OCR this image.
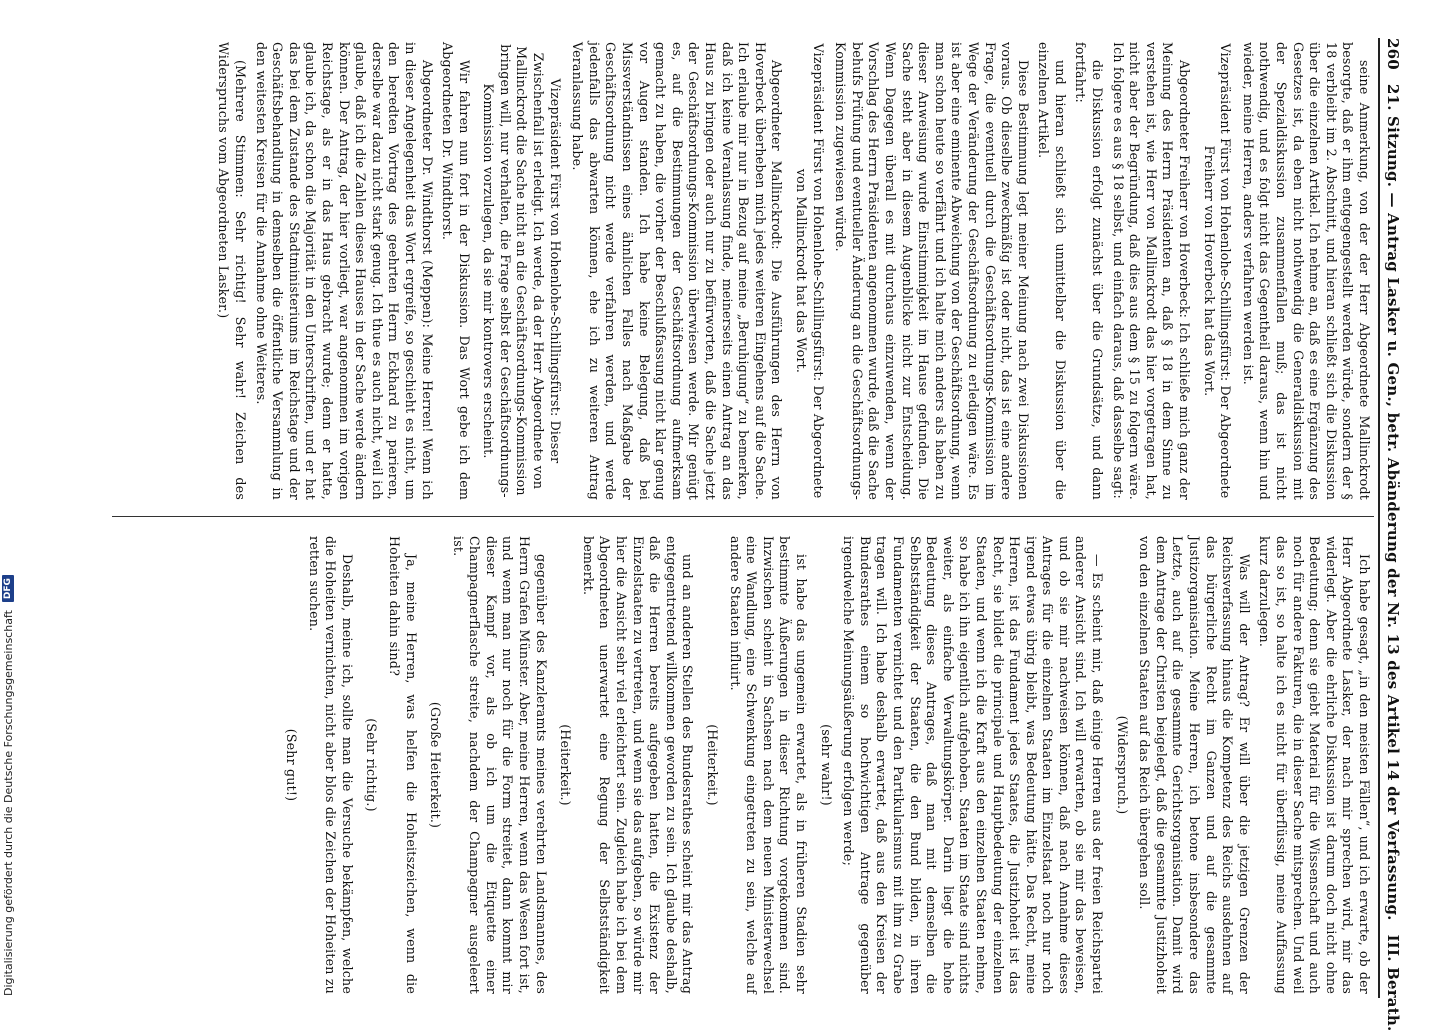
260
21. Sitzung. — Antrag Lasker u. Gen., betr. Abänderung der Nr. 13 des Artikel 14 der Verfassung.
III. Berath.

seine Anmerkung, von der der Herr Abgeordnete Mallinckrodt besorgte, daß er ihm entgegengestellt werden würde, sondern der § 18 verbleibt im 2. Abschnitt, und hieran schließt sich die Diskussion über die einzelnen Artikel. Ich nehme an, daß es eine Ergänzung des Gesetzes ist, da eben nicht nothwendig die Generaldiskussion mit der Spezialdiskussion zusammenfallen muß; das ist nicht nothwendig, und es folgt nicht das Gegentheil daraus, wenn hin und wieder, meine Herren, anders verfahren werden ist.

Vizepräsident Fürst von Hohenlohe-Schillingsfürst: Der Abgeordnete Freiherr von Hoverbeck hat das Wort.

Abgeordneter Freiherr von Hoverbeck: Ich schließe mich ganz der Meinung des Herrn Präsidenten an, daß § 18 in dem Sinne zu verstehen ist, wie Herr von Mallinckrodt das hier vorgetragen hat, nicht aber der Begründung, daß dies aus dem § 15 zu folgern wäre. Ich folgere es aus § 18 selbst, und einfach daraus, daß dasselbe sagt:

die Diskussion erfolgt zunächst über die Grundsätze, und dann fortfahrt:

und hieran schließt sich unmittelbar die Diskussion über die einzelnen Artikel.

Diese Bestimmung legt meiner Meinung nach zwei Diskussionen voraus. Ob dieselbe zweckmäßig ist oder nicht, das ist eine andere Frage, die eventuell durch die Geschäftsordnungs-Kommission im Wege der Veränderung der Geschäftsordnung zu erledigen wäre. Es ist aber eine eminente Abweichung von der Geschäftsordnung, wenn man schon heute so verfährt und ich halte mich anders als haben zu dieser Anweisung wurde Einstimmigkeit im Hause gefunden. Die Sache steht aber in diesem Augenblicke nicht zur Entscheidung. Wenn Dagegen überall es mit durchaus einzuwenden, wenn der Vorschlag des Herrn Präsidenten angenommen wurde, daß die Sache behufs Prüfung und eventueller Änderung an die Geschäftsordnungs-Kommission zugewiesen würde.

Vizepräsident Fürst von Hohenlohe-Schillingsfürst: Der Abgeordnete von Mallinckrodt hat das Wort.

Abgeordneter Mallinckrodt: Die Ausführungen des Herrn von Hoverbeck überheben mich jedes weiteren Eingehens auf die Sache. Ich erlaube mir nur in Bezug auf meine „Beruhigung“ zu bemerken, daß ich keine Veranlassung finde, meinerseits einen Antrag an das Haus zu bringen oder auch nur zu befürworten, daß die Sache jetzt der Geschäftsordnungs-Kommission überwiesen werde. Mir genügt es, auf die Bestimmungen der Geschäftsordnung aufmerksam gemacht zu haben, die vorher der Beschlußfassung nicht klar genug vor Augen standen. Ich habe keine Belegung, daß bei Missverständnissen eines ähnlichen Falles nach Maßgabe der Geschäftsordnung nicht werde verfahren werden, und werde jedenfalls das abwarten können, ehe ich zu weiteren Antrag Veranlassung habe.

Vizepräsident Fürst von Hohenlohe-Schillingsfürst: Dieser Zwischenfall ist erledigt. Ich werde, da der Herr Abgeordnete von Mallinckrodt die Sache nicht an die Geschäftsordnungs-Kommission bringen will, nur verhalten, die Frage selbst der Geschäftsordnungs-Kommission vorzulegen, da sie mir kontrovers erscheint.

Wir fahren nun fort in der Diskussion. Das Wort gebe ich dem Abgeordneten Dr. Windthorst.

Abgeordneter Dr. Windthorst (Meppen): Meine Herren! Wenn ich in dieser Angelegenheit das Wort ergreife, so geschieht es nicht, um den beredten Vortrag des geehrten Herrn Eckhard zu parieren, derselbe war dazu nicht stark genug. Ich thue es auch nicht, weil ich glaube, daß ich die Zahlen dieses Hauses in der Sache werde ändern können. Der Antrag, der hier vorliegt, war angenommen im vorigen Reichstage, als er in das Haus gebracht wurde; denn er hatte, glaube ich, da schon die Majorität in den Unterschriften, und er hat das bei dem Zustande des Stadtministeriums im Reichstage und der Geschäftsbehandlung in demselben die öffentliche Versammlung in den weitesten Kreisen für die Annahme ohne Weiteres.

(Mehrere Stimmen: Sehr richtig! Sehr wahr! Zeichen des Widerspruchs vom Abgeordneten Lasker.)

Ich habe gesagt, „in den meisten Fällen“, und ich erwarte, ob der Herr Abgeordnete Lasker, der nach mir sprechen wird, mir das widerlegt. Aber die ehrliche Diskussion ist darum doch nicht ohne Bedeutung; denn sie giebt Material für die Wissenschaft und auch noch für andere Fakturen, die in dieser Sache mitsprechen. Und weil das so ist, so halte ich es nicht für überflüssig, meine Auffassung kurz darzulegen.

Was will der Antrag? Er will über die jetzigen Grenzen der Reichsverfassung hinaus die Kompetenz des Reichs ausdehnen auf das bürgerliche Recht im Ganzen und auf die gesammte Justizorganisation. Meine Herren, ich betone insbesondere das Letzte, auch auf die gesammte Gerichtsorganisation. Damit wird dem Antrage der Christen beigelegt, daß die gesammte Justizhoheit von den einzelnen Staaten auf das Reich übergehen soll.

(Widerspruch.)

— Es scheint mir, daß einige Herren aus der freien Reichspartei anderer Ansicht sind. Ich will erwarten, ob sie mir das beweisen, und ob sie mir nachweisen können, daß nach Annahme dieses Antrages für die einzelnen Staaten im Einzelstaat noch nur noch irgend etwas übrig bleibt, was Bedeutung hätte. Das Recht, meine Herren, ist das Fundament jedes Staates, die Justizhoheit ist das Recht, sie bildet die principale und Hauptbedeutung der einzelnen Staaten, und wenn ich die Kraft aus den einzelnen Staaten nehme, so habe ich ihn eigentlich aufgehoben. Staaten im Staate sind nichts weiter, als einfache Verwaltungskörper. Darin liegt die hohe Bedeutung dieses Antrages, daß man mit demselben die Selbstständigkeit der Staaten, die den Bund bilden, in ihren Fundamenten vernichtet und den Partikularismus mit ihm zu Grabe tragen will. Ich habe deshalb erwartet, daß aus den Kreisen der Bundesrathes einem so hochwichtigen Antrage gegenüber irgendwelche Meinungsäußerung erfolgen werde;

(sehr wahr!)

ist habe das ungemein erwartet, als in früheren Stadien sehr bestimmte Äußerungen in dieser Richtung vorgekommen sind. Inzwischen scheint in Sachsen nach dem neuen Ministerwechsel eine Wandlung, eine Schwenkung eingetreten zu sein, welche auf andere Staaten influirt.

(Heiterkeit.)

und an anderen Stellen des Bundesrathes scheint mir das Antrag entgegentretend willkommen geworden zu sein. Ich glaube deshalb, daß die Herren bereits aufgegeben hatten, die Existenz der Einzelstaaten zu vertreten, und wenn sie das aufgeben, so würde mir hier die Ansicht sehr viel erleichtert sein. Zugleich habe ich bei dem Abgeordneten unerwartet eine Regung der Selbstständigkeit bemerkt.

(Heiterkeit.)

gegenüber des Kanzleramts meines verehrten Landsmannes, des Herrn Grafen Münster. Aber, meine Herren, wenn das Wesen fort ist, und wenn man nur noch für die Form streitet, dann kommt mir dieser Kampf vor, als ob ich um die Etiquette einer Champagnerflasche streite, nachdem der Champagner ausgeleert ist.

(Große Heiterkeit.)

Ja, meine Herren, was helfen die Hoheitszeichen, wenn die Hoheiten dahin sind?

(Sehr richtig.)

Deshalb, meine ich, sollte man die Versuche bekämpfen, welche die Hoheiten vernichten, nicht aber blos die Zeichen der Hoheiten zu retten suchen.

(Sehr gut!)

Digitalisierung gefördert durch die Deutsche Forschungsgemeinschaft
DFG
